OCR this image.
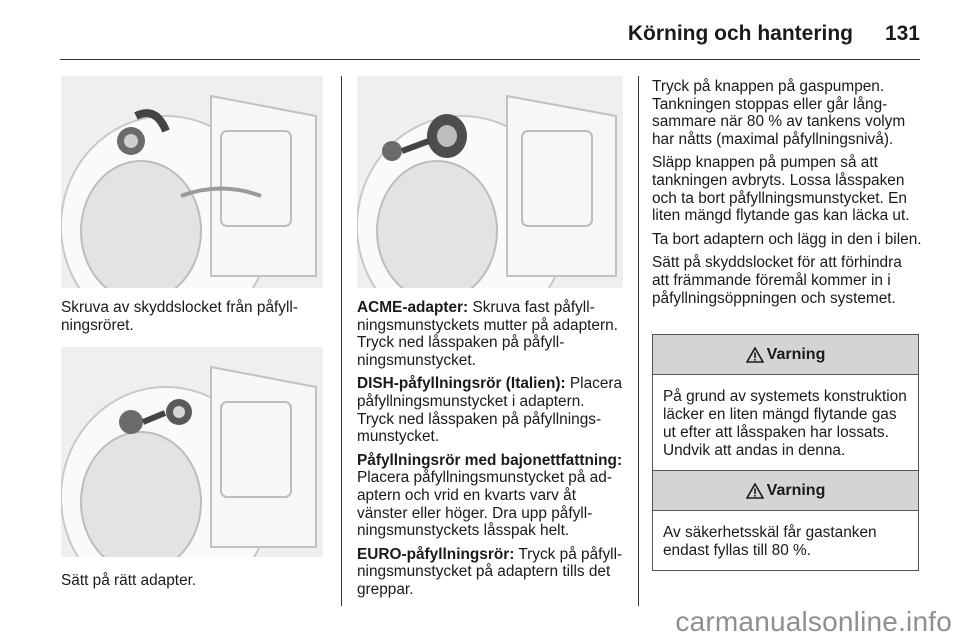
Körning och hantering 131
Skruva av skyddslocket från påfyllningsröret.
Sätt på rätt adapter.
ACME-adapter: Skruva fast påfyllningsmunstyckets mutter på adaptern. Tryck ned låsspaken på påfyllningsmunstycket.
DISH-påfyllningsrör (Italien): Placera påfyllningsmunstycket i adaptern. Tryck ned låsspaken på påfyllningsmunstycket.
Påfyllningsrör med bajonettfattning: Placera påfyllningsmunstycket på adaptern och vrid en kvarts varv åt vänster eller höger. Dra upp påfyllningsmunstyckets låsspak helt.
EURO-påfyllningsrör: Tryck på påfyllningsmunstycket på adaptern tills det greppar.
Tryck på knappen på gaspumpen. Tankningen stoppas eller går långsammare när 80 % av tankens volym har nåtts (maximal påfyllningsnivå).
Släpp knappen på pumpen så att tankningen avbryts. Lossa låsspaken och ta bort påfyllningsmunstycket. En liten mängd flytande gas kan läcka ut.
Ta bort adaptern och lägg in den i bilen.
Sätt på skyddslocket för att förhindra att främmande föremål kommer in i påfyllningsöppningen och systemet.
Varning
På grund av systemets konstruktion läcker en liten mängd flytande gas ut efter att låsspaken har lossats. Undvik att andas in denna.
Varning
Av säkerhetsskäl får gastanken endast fyllas till 80 %.
carmanualsonline.info
